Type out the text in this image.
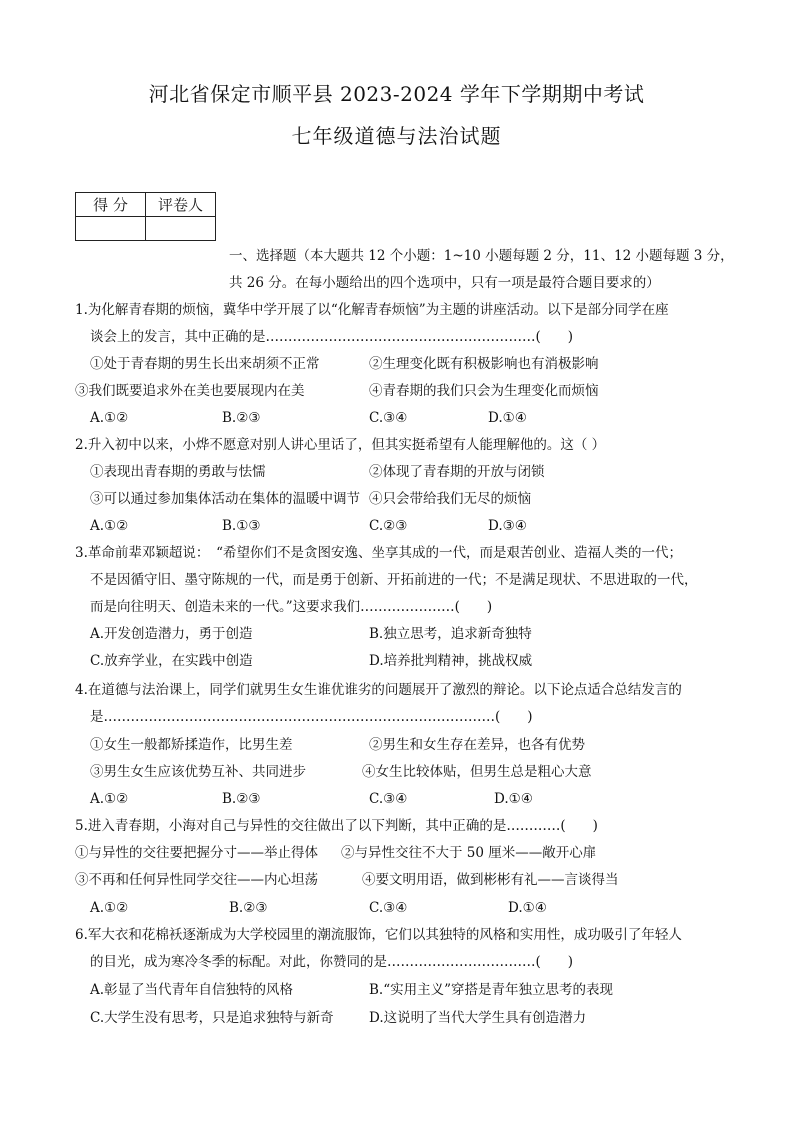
河北省保定市顺平县 2023-2024 学年下学期期中考试
七年级道德与法治试题
得 分	评卷人

一、选择题（本大题共 12 个小题：1~10 小题每题 2 分，11、12 小题每题 3 分，
共 26 分。在每小题给出的四个选项中，只有一项是最符合题目要求的）
1.为化解青春期的烦恼，冀华中学开展了以“化解青春烦恼”为主题的讲座活动。以下是部分同学在座
谈会上的发言，其中正确的是……………………………………………………(　　)
①处于青春期的男生长出来胡须不正常	②生理变化既有积极影响也有消极影响
③我们既要追求外在美也要展现内在美	④青春期的我们只会为生理变化而烦恼
A.①②	B.②③	C.③④	D.①④
2.升入初中以来，小烨不愿意对别人讲心里话了，但其实挺希望有人能理解他的。这（ ）
①表现出青春期的勇敢与怯懦	②体现了青春期的开放与闭锁
③可以通过参加集体活动在集体的温暖中调节 ④只会带给我们无尽的烦恼
A.①②	B.①③	C.②③	D.③④
3.革命前辈邓颖超说：　“希望你们不是贪图安逸、坐享其成的一代，而是艰苦创业、造福人类的一代；
不是因循守旧、墨守陈规的一代，而是勇于创新、开拓前进的一代；不是满足现状、不思进取的一代，
而是向往明天、创造未来的一代。”这要求我们…………………(　　)
A.开发创造潜力，勇于创造	B.独立思考，追求新奇独特
C.放弃学业，在实践中创造	D.培养批判精神，挑战权威
4.在道德与法治课上，同学们就男生女生谁优谁劣的问题展开了激烈的辩论。以下论点适合总结发言的
是……………………………………………………………………………(　　)
①女生一般都矫揉造作，比男生差	②男生和女生存在差异，也各有优势
③男生女生应该优势互补、共同进步	④女生比较体贴，但男生总是粗心大意
A.①②	B.②③	C.③④	D.①④
5.进入青春期，小海对自己与异性的交往做出了以下判断，其中正确的是…………(　　)
①与异性的交往要把握分寸——举止得体 ②与异性交往不大于 50 厘米——敞开心扉
③不再和任何异性同学交往——内心坦荡	④要文明用语，做到彬彬有礼——言谈得当
A.①②	B.②③	C.③④	D.①④
6.军大衣和花棉袄逐渐成为大学校园里的潮流服饰，它们以其独特的风格和实用性，成功吸引了年轻人
的目光，成为寒冷冬季的标配。对此，你赞同的是……………………………(　　)
A.彰显了当代青年自信独特的风格	B.“实用主义”穿搭是青年独立思考的表现
C.大学生没有思考，只是追求独特与新奇	D.这说明了当代大学生具有创造潜力
